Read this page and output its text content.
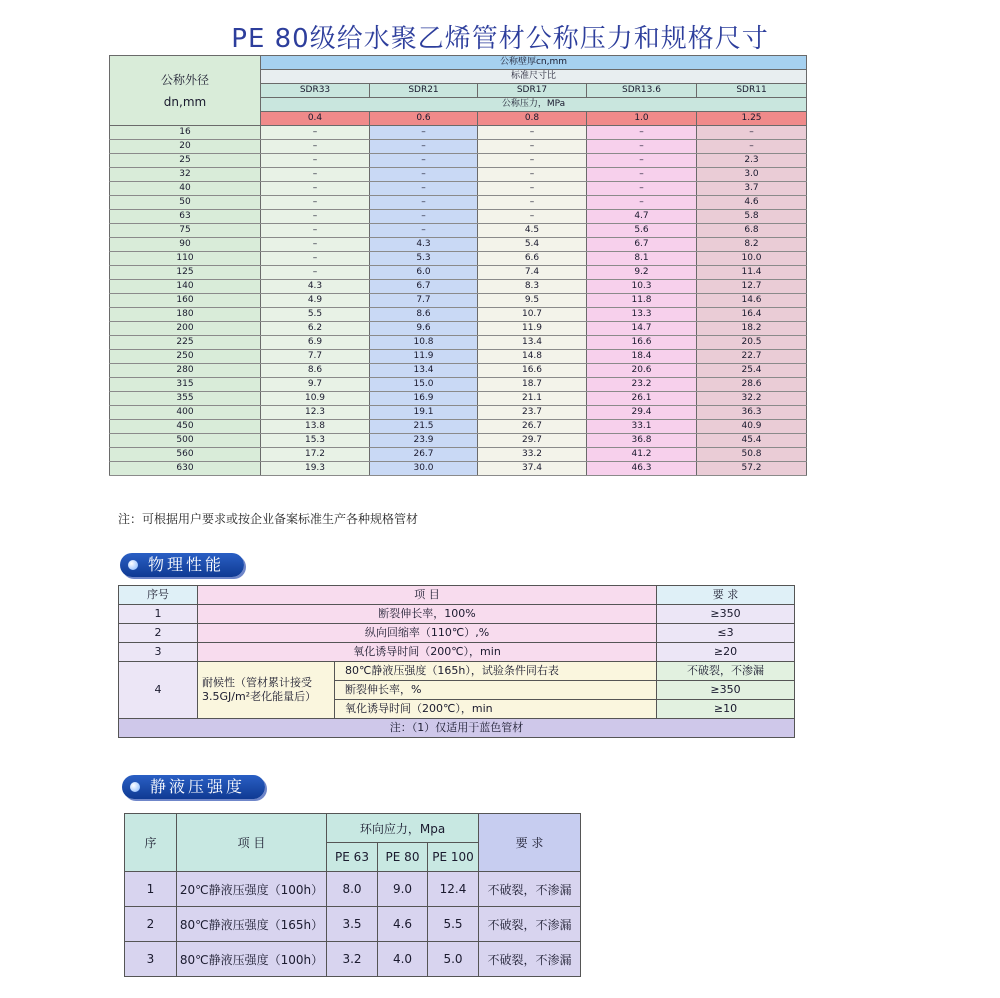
PE 80级给水聚乙烯管材公称压力和规格尺寸
公称外径
dn,mm	公称壁厚cn,mm				
	标准尺寸比				
	SDR33	SDR21	SDR17	SDR13.6	SDR11
	公称压力，MPa				
	0.4	0.6	0.8	1.0	1.25
16	–	–	–	–	–
20	–	–	–	–	–
25	–	–	–	–	2.3
32	–	–	–	–	3.0
40	–	–	–	–	3.7
50	–	–	–	–	4.6
63	–	–	–	4.7	5.8
75	–	–	4.5	5.6	6.8
90	–	4.3	5.4	6.7	8.2
110	–	5.3	6.6	8.1	10.0
125	–	6.0	7.4	9.2	11.4
140	4.3	6.7	8.3	10.3	12.7
160	4.9	7.7	9.5	11.8	14.6
180	5.5	8.6	10.7	13.3	16.4
200	6.2	9.6	11.9	14.7	18.2
225	6.9	10.8	13.4	16.6	20.5
250	7.7	11.9	14.8	18.4	22.7
280	8.6	13.4	16.6	20.6	25.4
315	9.7	15.0	18.7	23.2	28.6
355	10.9	16.9	21.1	26.1	32.2
400	12.3	19.1	23.7	29.4	36.3
450	13.8	21.5	26.7	33.1	40.9
500	15.3	23.9	29.7	36.8	45.4
560	17.2	26.7	33.2	41.2	50.8
630	19.3	30.0	37.4	46.3	57.2
注：可根据用户要求或按企业备案标准生产各种规格管材
物理性能
序号	项 目		要 求
1	断裂伸长率，100%		≥350
2	纵向回缩率（110℃）,%		≤3
3	氧化诱导时间（200℃），min		≥20
4	耐候性（管材累计接受3.5GJ/m²老化能量后）	80℃静液压强度（165h），试验条件同右表	不破裂，不渗漏
		断裂伸长率，%	≥350
		氧化诱导时间（200℃），min	≥10
注：（1）仅适用于蓝色管材			
静液压强度
序	项 目	环向应力，Mpa			要 求
		PE 63	PE 80	PE 100	
1	20℃静液压强度（100h）	8.0	9.0	12.4	不破裂，不渗漏
2	80℃静液压强度（165h）	3.5	4.6	5.5	不破裂，不渗漏
3	80℃静液压强度（100h）	3.2	4.0	5.0	不破裂，不渗漏
